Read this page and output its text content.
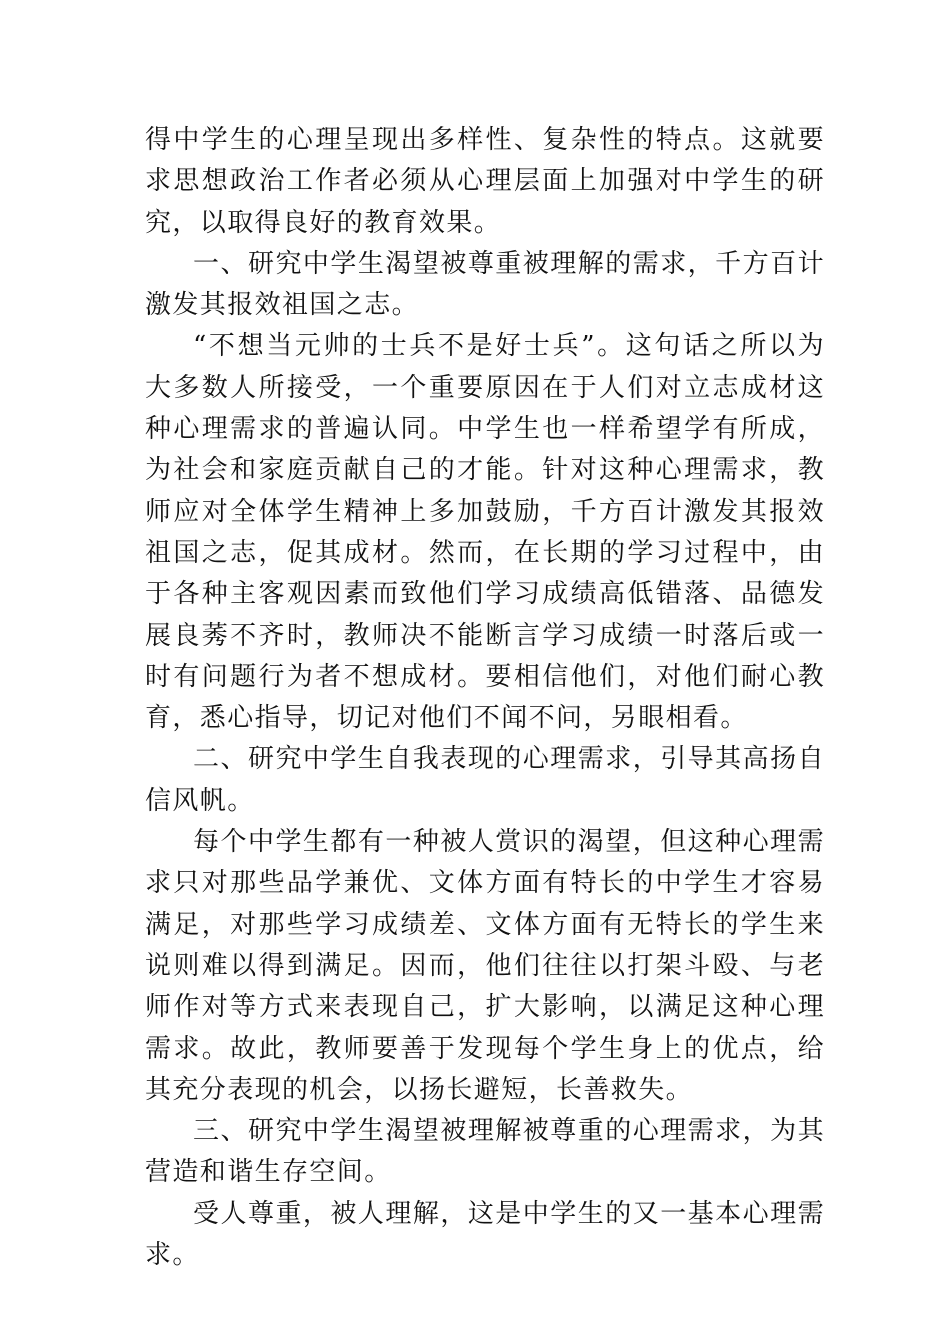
得中学生的心理呈现出多样性、复杂性的特点。这就要求思想政治工作者必须从心理层面上加强对中学生的研究，以取得良好的教育效果。

一、研究中学生渴望被尊重被理解的需求，千方百计激发其报效祖国之志。

“不想当元帅的士兵不是好士兵”。这句话之所以为大多数人所接受，一个重要原因在于人们对立志成材这种心理需求的普遍认同。中学生也一样希望学有所成，为社会和家庭贡献自己的才能。针对这种心理需求，教师应对全体学生精神上多加鼓励，千方百计激发其报效祖国之志，促其成材。然而，在长期的学习过程中，由于各种主客观因素而致他们学习成绩高低错落、品德发展良莠不齐时，教师决不能断言学习成绩一时落后或一时有问题行为者不想成材。要相信他们，对他们耐心教育，悉心指导，切记对他们不闻不问，另眼相看。

二、研究中学生自我表现的心理需求，引导其高扬自信风帆。

每个中学生都有一种被人赏识的渴望，但这种心理需求只对那些品学兼优、文体方面有特长的中学生才容易满足，对那些学习成绩差、文体方面有无特长的学生来说则难以得到满足。因而，他们往往以打架斗殴、与老师作对等方式来表现自己，扩大影响，以满足这种心理需求。故此，教师要善于发现每个学生身上的优点，给其充分表现的机会，以扬长避短，长善救失。

三、研究中学生渴望被理解被尊重的心理需求，为其营造和谐生存空间。

受人尊重，被人理解，这是中学生的又一基本心理需求。
